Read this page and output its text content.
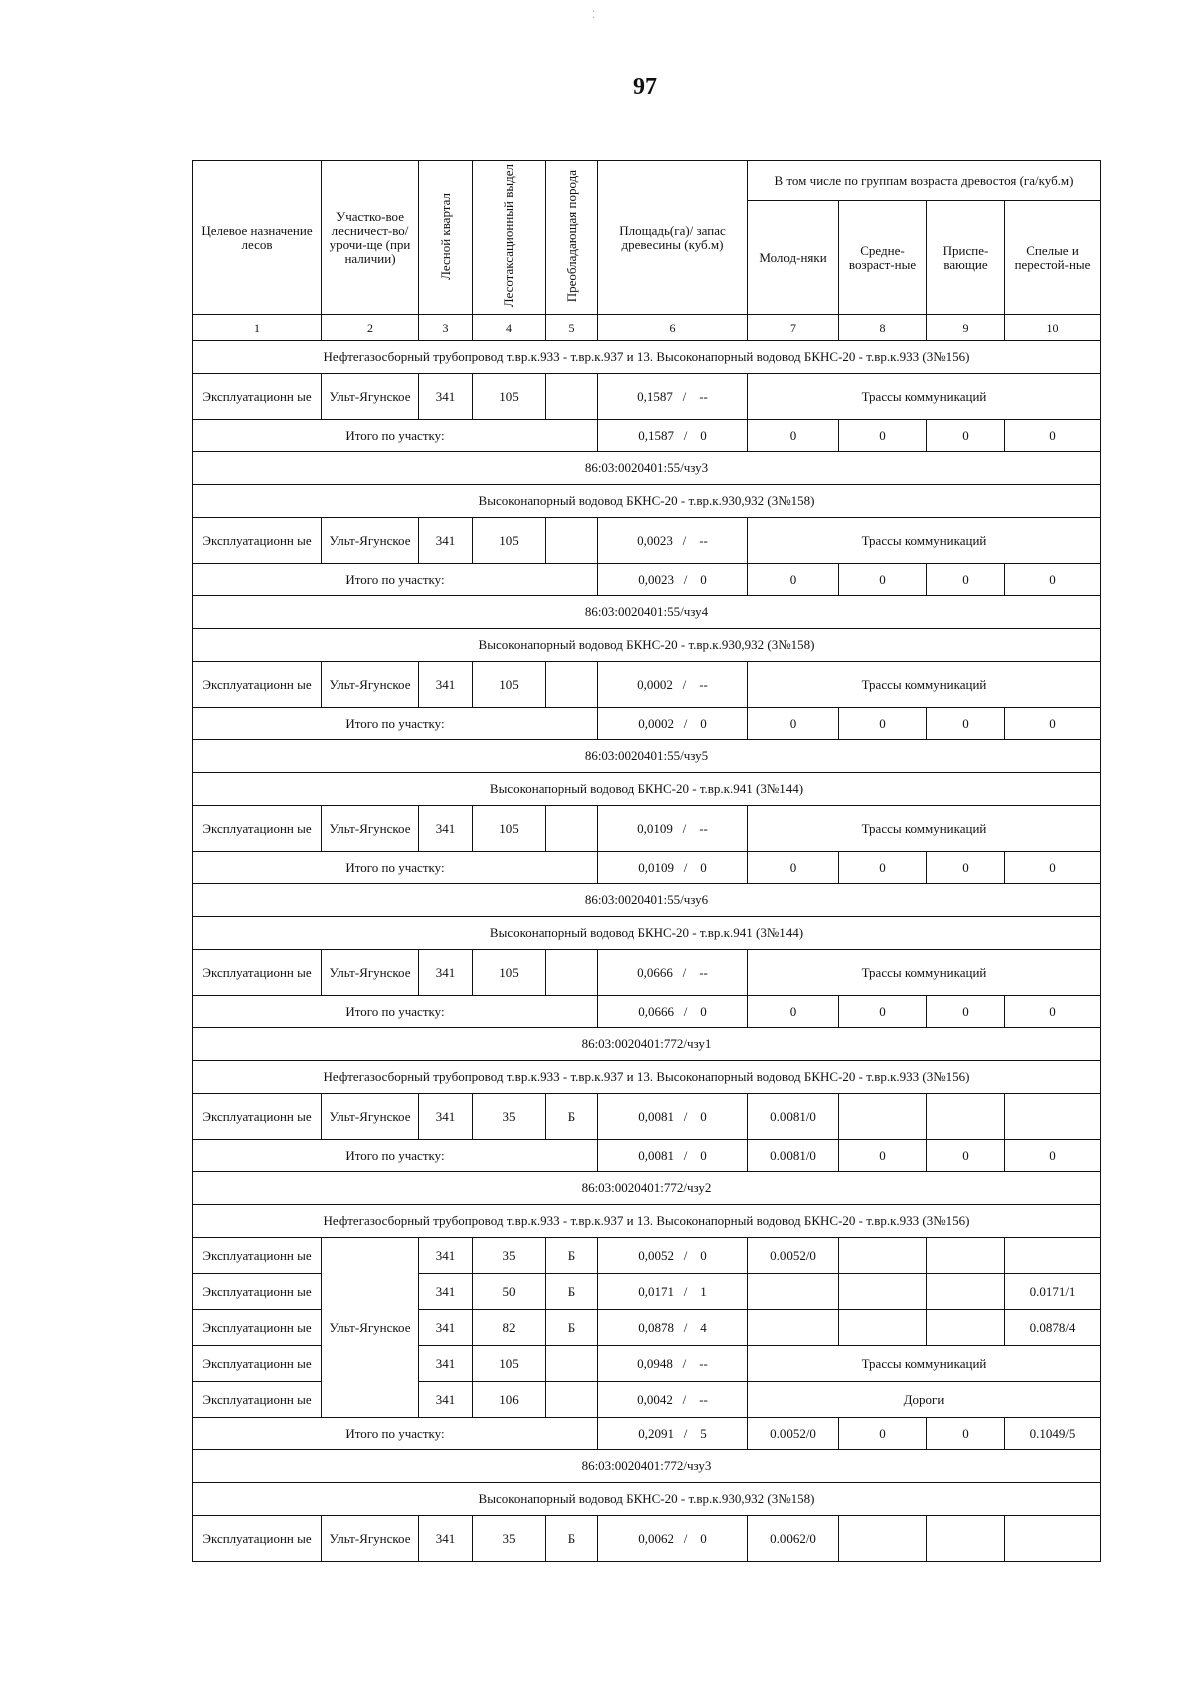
97
⁚
Целевое назначение лесов	Участко-вое лесничест-во/урочи-ще (при наличии)	Лесной квартал	Лесотаксационный выдел	Преобладающая порода	Площадь(га)/ запас древесины (куб.м)	В том числе по группам возраста древостоя (га/куб.м)			
						Молод-няки	Средне-возраст-ные	Приспе-вающие	Спелые и перестой-ные
1	2	3	4	5	6	7	8	9	10
Нефтегазосборный трубопровод т.вр.к.933 - т.вр.к.937 и 13. Высоконапорный водовод БКНС-20 - т.вр.к.933 (3№156)									
Эксплуатационн ые	Ульт-Ягунское	341	105		0,1587   /    --	Трассы коммуникаций			
Итого по участку:					0,1587   /    0	0	0	0	0
86:03:0020401:55/чзу3									
Высоконапорный водовод БКНС-20 - т.вр.к.930,932 (3№158)									
Эксплуатационн ые	Ульт-Ягунское	341	105		0,0023   /    --	Трассы коммуникаций			
Итого по участку:					0,0023   /    0	0	0	0	0
86:03:0020401:55/чзу4									
Высоконапорный водовод БКНС-20 - т.вр.к.930,932 (3№158)									
Эксплуатационн ые	Ульт-Ягунское	341	105		0,0002   /    --	Трассы коммуникаций			
Итого по участку:					0,0002   /    0	0	0	0	0
86:03:0020401:55/чзу5									
Высоконапорный водовод БКНС-20 - т.вр.к.941 (3№144)									
Эксплуатационн ые	Ульт-Ягунское	341	105		0,0109   /    --	Трассы коммуникаций			
Итого по участку:					0,0109   /    0	0	0	0	0
86:03:0020401:55/чзу6									
Высоконапорный водовод БКНС-20 - т.вр.к.941 (3№144)									
Эксплуатационн ые	Ульт-Ягунское	341	105		0,0666   /    --	Трассы коммуникаций			
Итого по участку:					0,0666   /    0	0	0	0	0
86:03:0020401:772/чзу1									
Нефтегазосборный трубопровод т.вр.к.933 - т.вр.к.937 и 13. Высоконапорный водовод БКНС-20 - т.вр.к.933 (3№156)									
Эксплуатационн ые	Ульт-Ягунское	341	35	Б	0,0081   /    0	0.0081/0			
Итого по участку:					0,0081   /    0	0.0081/0	0	0	0
86:03:0020401:772/чзу2									
Нефтегазосборный трубопровод т.вр.к.933 - т.вр.к.937 и 13. Высоконапорный водовод БКНС-20 - т.вр.к.933 (3№156)									
Эксплуатационн ые	Ульт-Ягунское	341	35	Б	0,0052   /    0	0.0052/0			
Эксплуатационн ые		341	50	Б	0,0171   /    1				0.0171/1
Эксплуатационн ые		341	82	Б	0,0878   /    4				0.0878/4
Эксплуатационн ые		341	105		0,0948   /    --	Трассы коммуникаций			
Эксплуатационн ые		341	106		0,0042   /    --	Дороги			
Итого по участку:					0,2091   /    5	0.0052/0	0	0	0.1049/5
86:03:0020401:772/чзу3									
Высоконапорный водовод БКНС-20 - т.вр.к.930,932 (3№158)									
Эксплуатационн ые	Ульт-Ягунское	341	35	Б	0,0062   /    0	0.0062/0			
